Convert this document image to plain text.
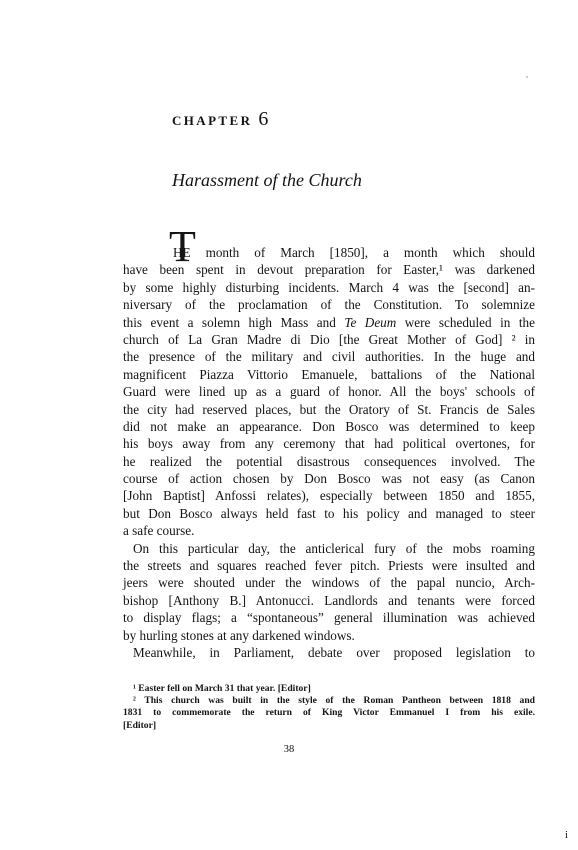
CHAPTER 6
Harassment of the Church
T
HE month of March [1850], a month which should
have been spent in devout preparation for Easter,¹ was darkened
by some highly disturbing incidents. March 4 was the [second] an-
niversary of the proclamation of the Constitution. To solemnize
this event a solemn high Mass and Te Deum were scheduled in the
church of La Gran Madre di Dio [the Great Mother of God] ² in
the presence of the military and civil authorities. In the huge and
magnificent Piazza Vittorio Emanuele, battalions of the National
Guard were lined up as a guard of honor. All the boys' schools of
the city had reserved places, but the Oratory of St. Francis de Sales
did not make an appearance. Don Bosco was determined to keep
his boys away from any ceremony that had political overtones, for
he realized the potential disastrous consequences involved. The
course of action chosen by Don Bosco was not easy (as Canon
[John Baptist] Anfossi relates), especially between 1850 and 1855,
but Don Bosco always held fast to his policy and managed to steer
a safe course.
On this particular day, the anticlerical fury of the mobs roaming
the streets and squares reached fever pitch. Priests were insulted and
jeers were shouted under the windows of the papal nuncio, Arch-
bishop [Anthony B.] Antonucci. Landlords and tenants were forced
to display flags; a “spontaneous” general illumination was achieved
by hurling stones at any darkened windows.
Meanwhile, in Parliament, debate over proposed legislation to
¹ Easter fell on March 31 that year. [Editor]
² This church was built in the style of the Roman Pantheon between 1818 and
1831 to commemorate the return of King Victor Emmanuel I from his exile.
[Editor]
38
i
